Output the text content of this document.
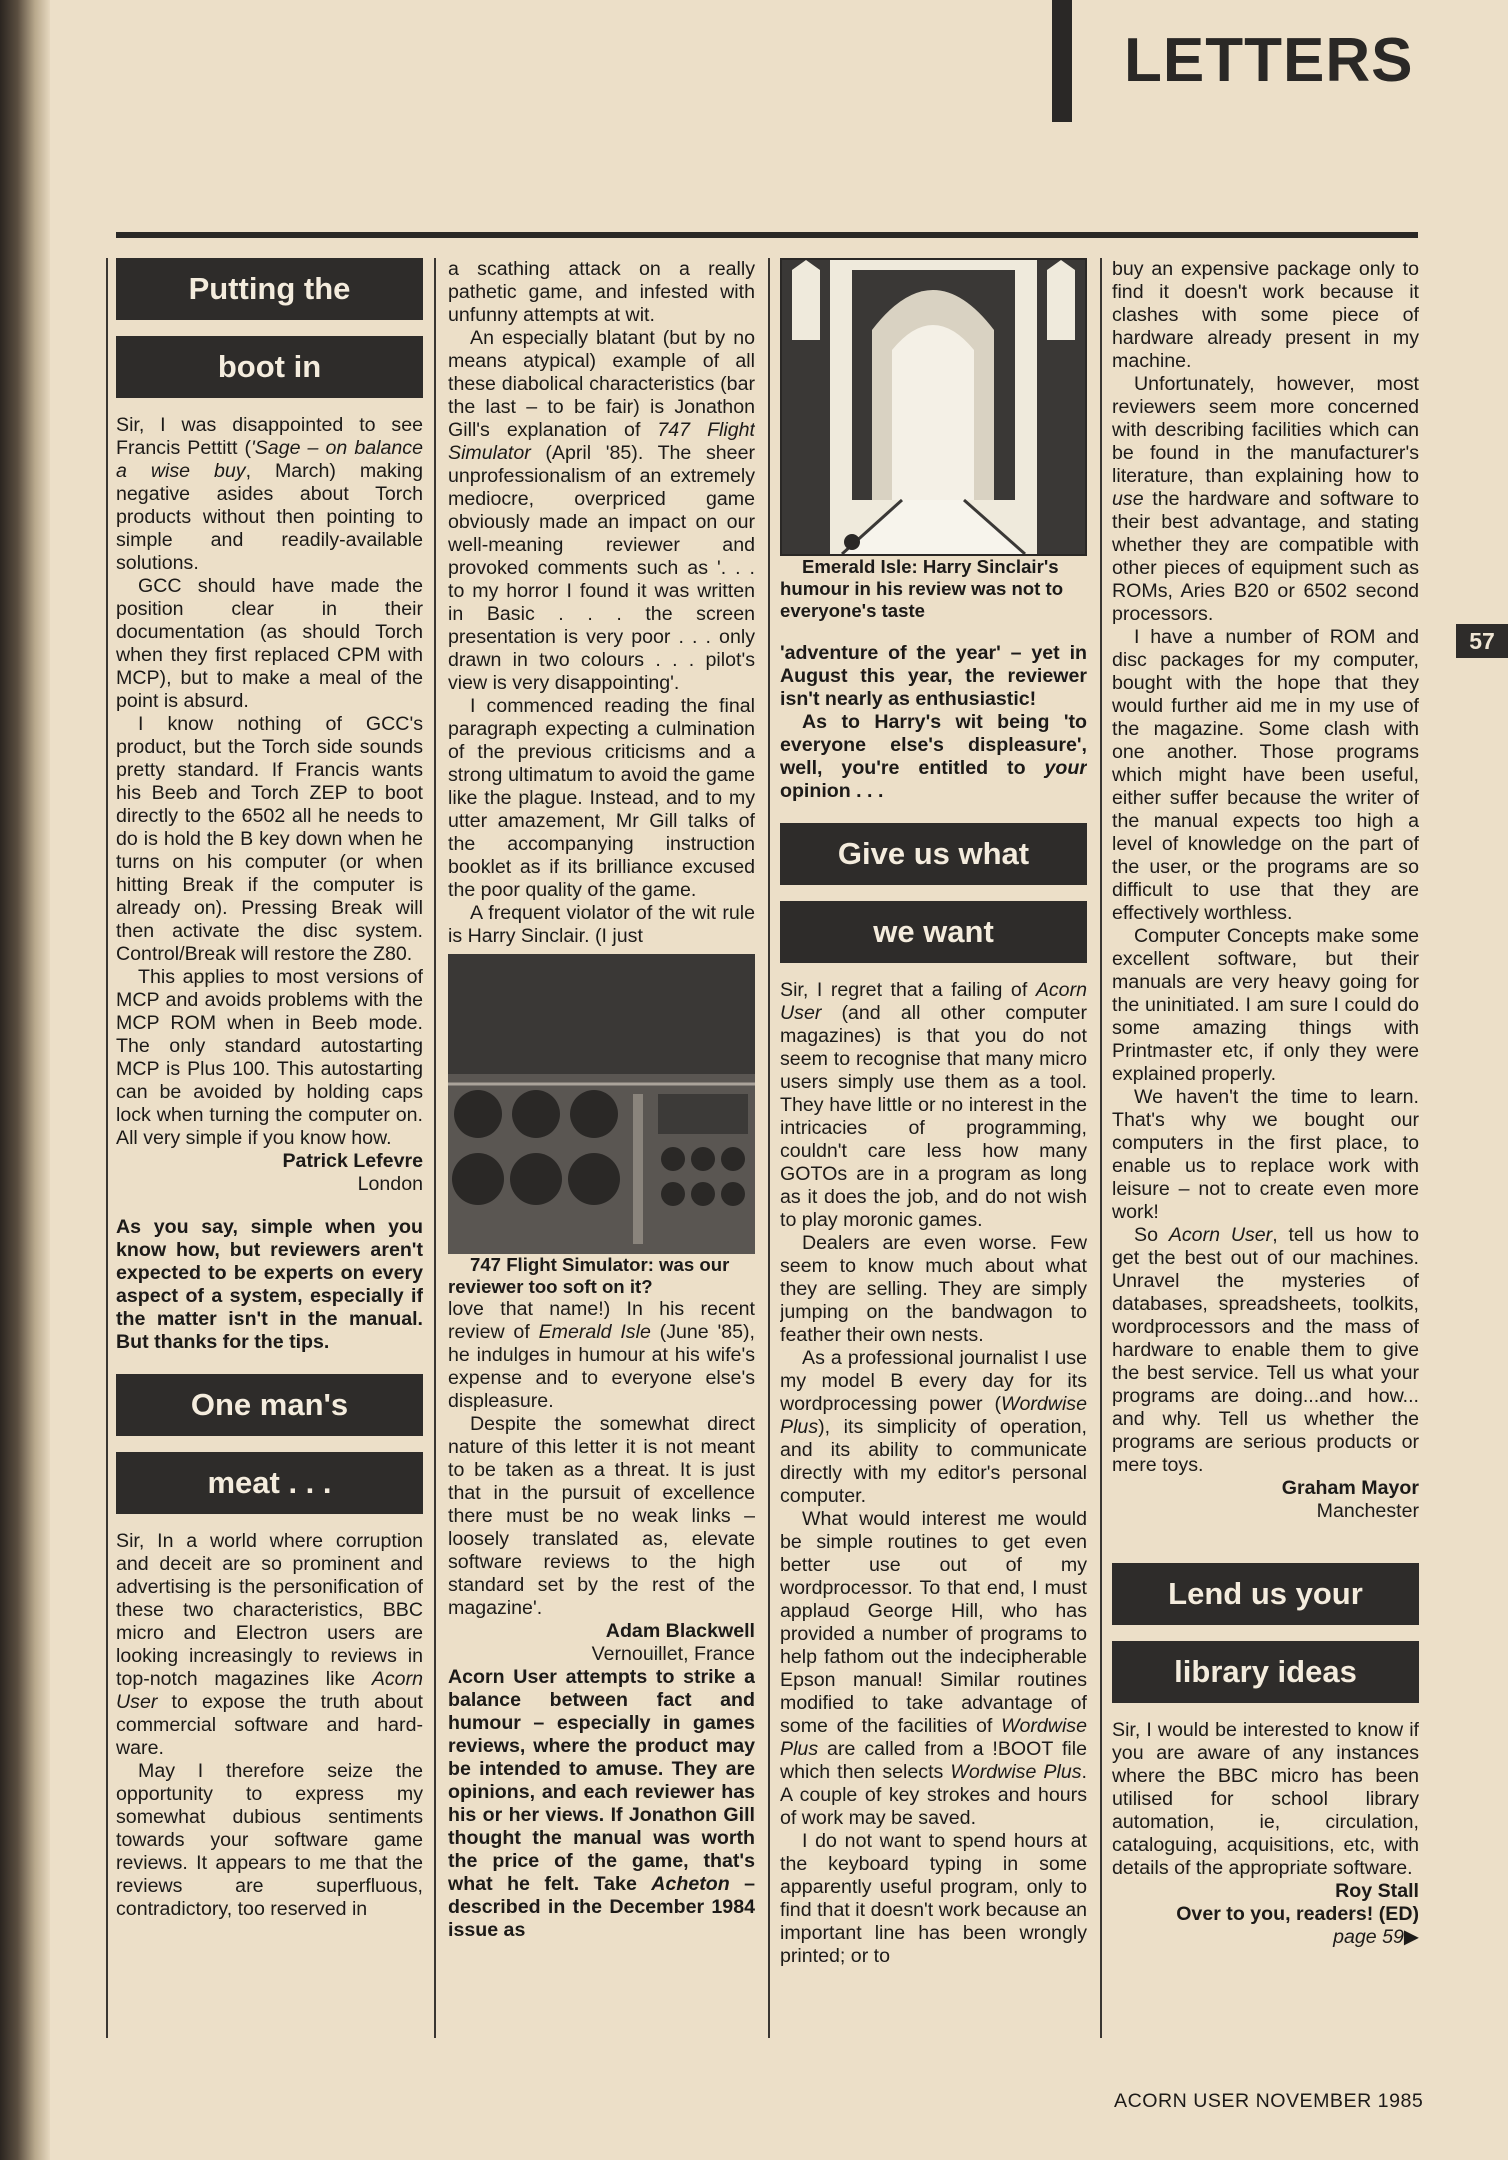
LETTERS
Putting the
boot in

Sir, I was disappointed to see Francis Pettitt ('Sage – on balance a wise buy, March) making negative asides about Torch products without then pointing to simple and readily-available solutions.

GCC should have made the position clear in their documentation (as should Torch when they first replaced CPM with MCP), but to make a meal of the point is absurd.

I know nothing of GCC's product, but the Torch side sounds pretty standard. If Francis wants his Beeb and Torch ZEP to boot directly to the 6502 all he needs to do is hold the B key down when he turns on his computer (or when hitting Break if the computer is already on). Pressing Break will then activate the disc system. Control/Break will restore the Z80.

This applies to most versions of MCP and avoids problems with the MCP ROM when in Beeb mode. The only standard autostarting MCP is Plus 100. This autostarting can be avoided by holding caps lock when turning the computer on. All very simple if you know how.

Patrick Lefevre

London

As you say, simple when you know how, but reviewers aren't expected to be experts on every aspect of a system, especially if the matter isn't in the manual. But thanks for the tips.

One man's
meat . . .

Sir, In a world where corruption and deceit are so prominent and advertising is the personification of these two characteristics, BBC micro and Electron users are looking increasingly to reviews in top-notch magazines like Acorn User to expose the truth about commercial software and hard-ware.

May I therefore seize the opportunity to express my somewhat dubious sentiments towards your software game reviews. It appears to me that the reviews are superfluous, contradictory, too reserved in

a scathing attack on a really pathetic game, and infested with unfunny attempts at wit.

An especially blatant (but by no means atypical) example of all these diabolical characteristics (bar the last – to be fair) is Jonathon Gill's explanation of 747 Flight Simulator (April '85). The sheer unprofessionalism of an extremely mediocre, overpriced game obviously made an impact on our well-meaning reviewer and provoked comments such as '. . . to my horror I found it was written in Basic . . . the screen presentation is very poor . . . only drawn in two colours . . . pilot's view is very disappointing'.

I commenced reading the final paragraph expecting a culmination of the previous criticisms and a strong ultimatum to avoid the game like the plague. Instead, and to my utter amazement, Mr Gill talks of the accompanying instruction booklet as if its brilliance excused the poor quality of the game.

A frequent violator of the wit rule is Harry Sinclair. (I just

747 Flight Simulator: was our reviewer too soft on it?

love that name!) In his recent review of Emerald Isle (June '85), he indulges in humour at his wife's expense and to everyone else's displeasure.

Despite the somewhat direct nature of this letter it is not meant to be taken as a threat. It is just that in the pursuit of excellence there must be no weak links – loosely translated as, elevate software reviews to the high standard set by the rest of the magazine'.

Adam Blackwell

Vernouillet, France

Acorn User attempts to strike a balance between fact and humour – especially in games reviews, where the product may be intended to amuse. They are opinions, and each reviewer has his or her views. If Jonathon Gill thought the manual was worth the price of the game, that's what he felt. Take Acheton – described in the December 1984 issue as

Emerald Isle: Harry Sinclair's humour in his review was not to everyone's taste

'adventure of the year' – yet in August this year, the reviewer isn't nearly as enthusiastic!

As to Harry's wit being 'to everyone else's displeasure', well, you're entitled to your opinion . . .

Give us what
we want

Sir, I regret that a failing of Acorn User (and all other computer magazines) is that you do not seem to recognise that many micro users simply use them as a tool. They have little or no interest in the intricacies of programming, couldn't care less how many GOTOs are in a program as long as it does the job, and do not wish to play moronic games.

Dealers are even worse. Few seem to know much about what they are selling. They are simply jumping on the bandwagon to feather their own nests.

As a professional journalist I use my model B every day for its wordprocessing power (Wordwise Plus), its simplicity of operation, and its ability to communicate directly with my editor's personal computer.

What would interest me would be simple routines to get even better use out of my wordprocessor. To that end, I must applaud George Hill, who has provided a number of programs to help fathom out the indecipherable Epson manual! Similar routines modified to take advantage of some of the facilities of Wordwise Plus are called from a !BOOT file which then selects Wordwise Plus. A couple of key strokes and hours of work may be saved.

I do not want to spend hours at the keyboard typing in some apparently useful program, only to find that it doesn't work because an important line has been wrongly printed; or to

buy an expensive package only to find it doesn't work because it clashes with some piece of hardware already present in my machine.

Unfortunately, however, most reviewers seem more concerned with describing facilities which can be found in the manufacturer's literature, than explaining how to use the hardware and software to their best advantage, and stating whether they are compatible with other pieces of equipment such as ROMs, Aries B20 or 6502 second processors.

I have a number of ROM and disc packages for my computer, bought with the hope that they would further aid me in my use of the magazine. Some clash with one another. Those programs which might have been useful, either suffer because the writer of the manual expects too high a level of knowledge on the part of the user, or the programs are so difficult to use that they are effectively worthless.

Computer Concepts make some excellent software, but their manuals are very heavy going for the uninitiated. I am sure I could do some amazing things with Printmaster etc, if only they were explained properly.

We haven't the time to learn. That's why we bought our computers in the first place, to enable us to replace work with leisure – not to create even more work!

So Acorn User, tell us how to get the best out of our machines. Unravel the mysteries of databases, spreadsheets, toolkits, wordprocessors and the mass of hardware to enable them to give the best service. Tell us what your programs are doing...and how... and why. Tell us whether the programs are serious products or mere toys.

Graham Mayor

Manchester

Lend us your
library ideas

Sir, I would be interested to know if you are aware of any instances where the BBC micro has been utilised for school library automation, ie, circulation, cataloguing, acquisitions, etc, with details of the appropriate software.

Roy Stall

Over to you, readers! (ED)

page 59▶

57
ACORN USER NOVEMBER 1985
